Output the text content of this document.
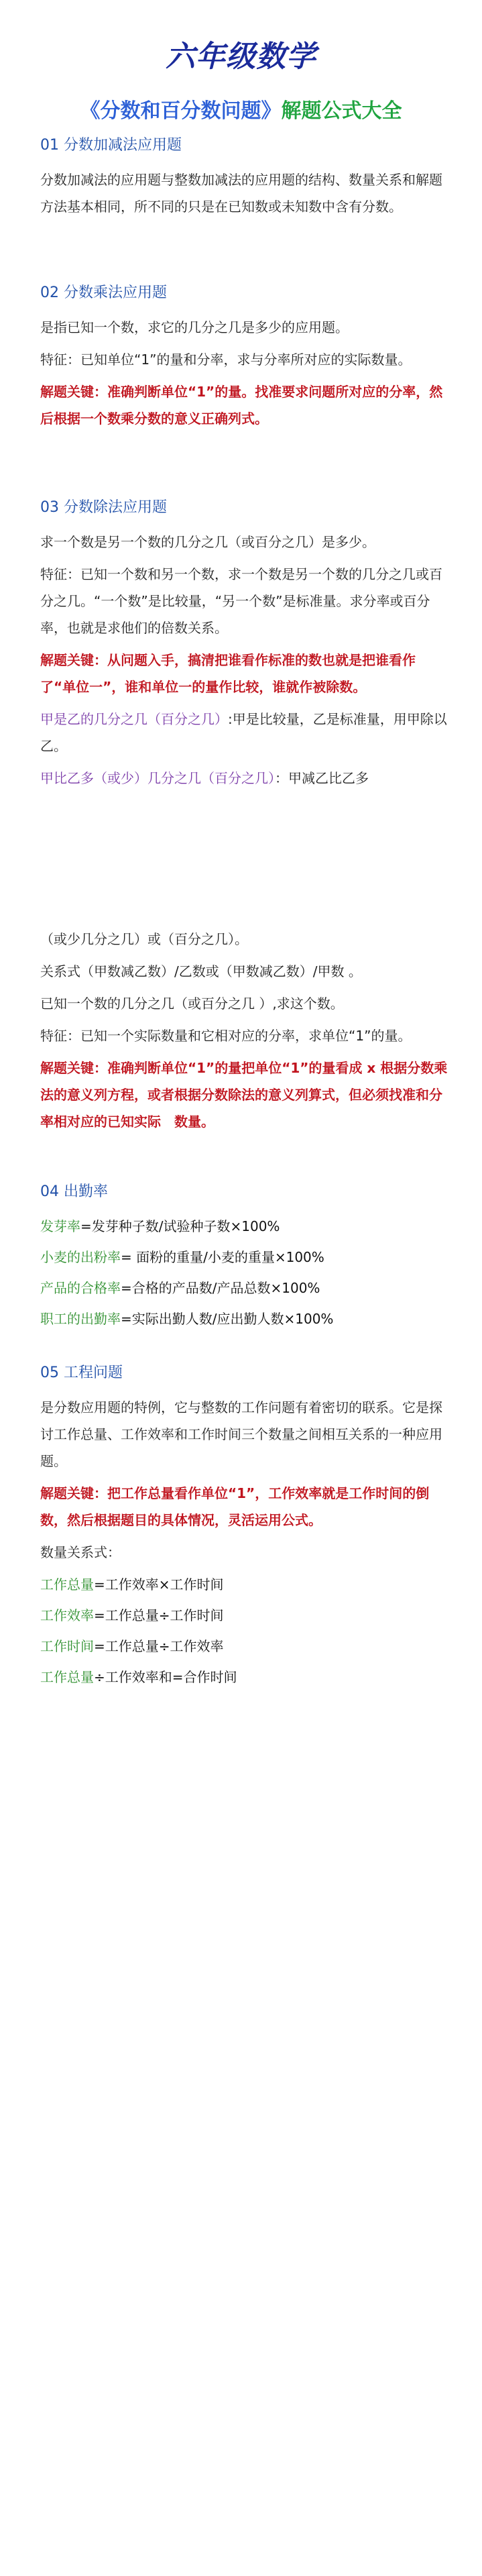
六年级数学
《分数和百分数问题》解题公式大全
01 分数加减法应用题
分数加减法的应用题与整数加减法的应用题的结构、数量关系和解题方法基本相同，所不同的只是在已知数或未知数中含有分数。
02 分数乘法应用题
是指已知一个数，求它的几分之几是多少的应用题。
特征：已知单位“1”的量和分率，求与分率所对应的实际数量。
解题关键：准确判断单位“1”的量。找准要求问题所对应的分率，然后根据一个数乘分数的意义正确列式。
03 分数除法应用题
求一个数是另一个数的几分之几（或百分之几）是多少。
特征：已知一个数和另一个数，求一个数是另一个数的几分之几或百分之几。“一个数”是比较量，“另一个数”是标准量。求分率或百分率，也就是求他们的倍数关系。
解题关键：从问题入手，搞清把谁看作标准的数也就是把谁看作了“单位一”，谁和单位一的量作比较，谁就作被除数。
甲是乙的几分之几（百分之几）:甲是比较量，乙是标准量，用甲除以乙。
甲比乙多（或少）几分之几（百分之几）：甲减乙比乙多
（或少几分之几）或（百分之几）。
关系式（甲数减乙数）/乙数或（甲数减乙数）/甲数 。
已知一个数的几分之几（或百分之几 ）,求这个数。
特征：已知一个实际数量和它相对应的分率，求单位“1”的量。
解题关键：准确判断单位“1”的量把单位“1”的量看成 x 根据分数乘法的意义列方程，或者根据分数除法的意义列算式，但必须找准和分率相对应的已知实际　数量。
04 出勤率
发芽率=发芽种子数/试验种子数×100%
小麦的出粉率= 面粉的重量/小麦的重量×100%
产品的合格率=合格的产品数/产品总数×100%
职工的出勤率=实际出勤人数/应出勤人数×100%
05 工程问题
是分数应用题的特例，它与整数的工作问题有着密切的联系。它是探讨工作总量、工作效率和工作时间三个数量之间相互关系的一种应用题。
解题关键：把工作总量看作单位“1”，工作效率就是工作时间的倒数，然后根据题目的具体情况，灵活运用公式。
数量关系式：
工作总量=工作效率×工作时间
工作效率=工作总量÷工作时间
工作时间=工作总量÷工作效率
工作总量÷工作效率和=合作时间
